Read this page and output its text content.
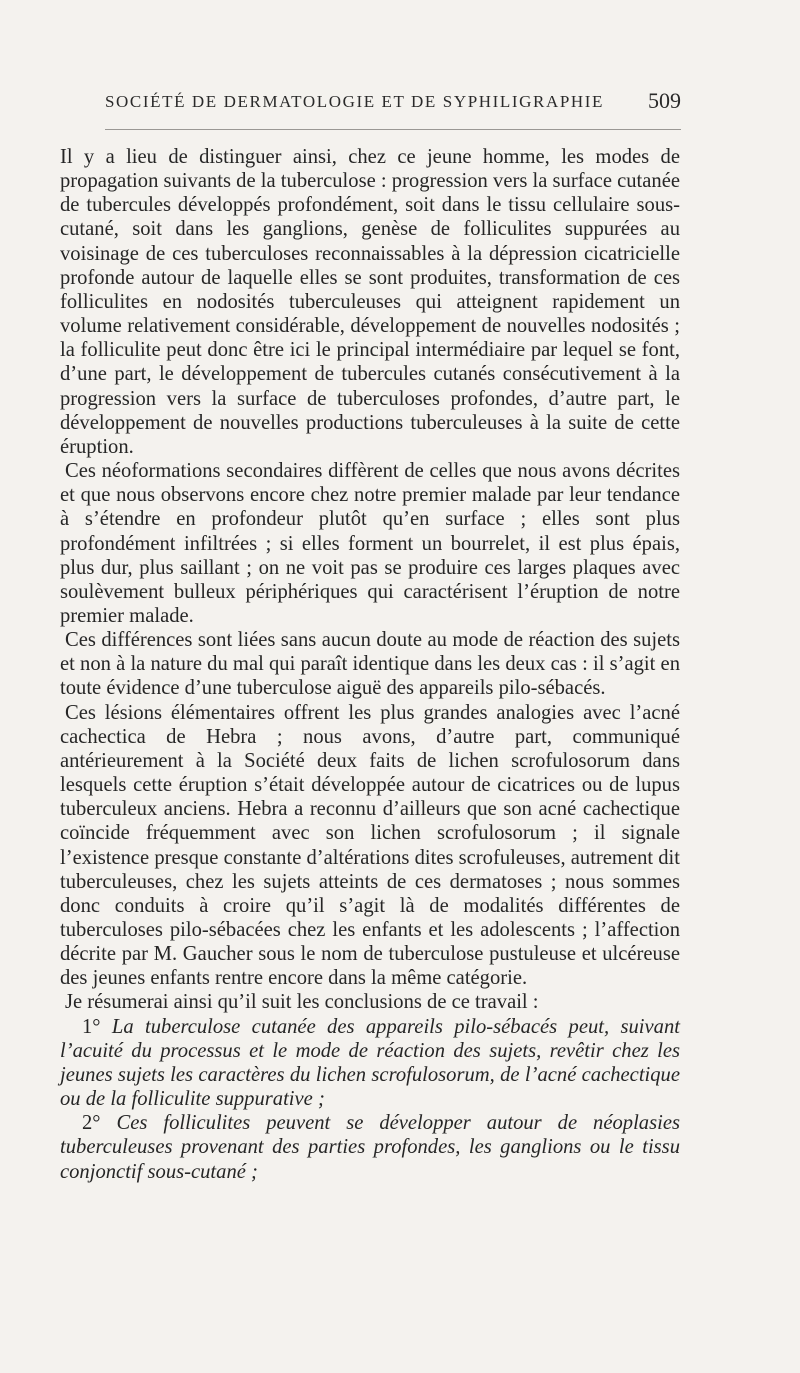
SOCIÉTÉ DE DERMATOLOGIE ET DE SYPHILIGRAPHIE 509

Il y a lieu de distinguer ainsi, chez ce jeune homme, les modes de propagation suivants de la tuberculose : progression vers la surface cutanée de tubercules développés profondément, soit dans le tissu cellulaire sous-cutané, soit dans les ganglions, genèse de folliculites suppurées au voisinage de ces tuberculoses reconnaissables à la dépression cicatricielle profonde autour de laquelle elles se sont produites, transformation de ces folliculites en nodosités tuberculeuses qui atteignent rapidement un volume relativement considérable, développement de nouvelles nodosités ; la folliculite peut donc être ici le principal intermédiaire par lequel se font, d’une part, le développement de tubercules cutanés consécutivement à la progression vers la surface de tuberculoses profondes, d’autre part, le développement de nouvelles productions tuberculeuses à la suite de cette éruption.

Ces néoformations secondaires diffèrent de celles que nous avons décrites et que nous observons encore chez notre premier malade par leur tendance à s’étendre en profondeur plutôt qu’en surface ; elles sont plus profondément infiltrées ; si elles forment un bourrelet, il est plus épais, plus dur, plus saillant ; on ne voit pas se produire ces larges plaques avec soulèvement bulleux périphériques qui caractérisent l’éruption de notre premier malade.

Ces différences sont liées sans aucun doute au mode de réaction des sujets et non à la nature du mal qui paraît identique dans les deux cas : il s’agit en toute évidence d’une tuberculose aiguë des appareils pilo-sébacés.

Ces lésions élémentaires offrent les plus grandes analogies avec l’acné cachectica de Hebra ; nous avons, d’autre part, communiqué antérieurement à la Société deux faits de lichen scrofulosorum dans lesquels cette éruption s’était développée autour de cicatrices ou de lupus tuberculeux anciens. Hebra a reconnu d’ailleurs que son acné cachectique coïncide fréquemment avec son lichen scrofulosorum ; il signale l’existence presque constante d’altérations dites scrofuleuses, autrement dit tuberculeuses, chez les sujets atteints de ces dermatoses ; nous sommes donc conduits à croire qu’il s’agit là de modalités différentes de tuberculoses pilo-sébacées chez les enfants et les adolescents ; l’affection décrite par M. Gaucher sous le nom de tuberculose pustuleuse et ulcéreuse des jeunes enfants rentre encore dans la même catégorie.

Je résumerai ainsi qu’il suit les conclusions de ce travail :

1° La tuberculose cutanée des appareils pilo-sébacés peut, suivant l’acuité du processus et le mode de réaction des sujets, revêtir chez les jeunes sujets les caractères du lichen scrofulosorum, de l’acné cachectique ou de la folliculite suppurative ;

2° Ces folliculites peuvent se développer autour de néoplasies tuberculeuses provenant des parties profondes, les ganglions ou le tissu conjonctif sous-cutané ;
